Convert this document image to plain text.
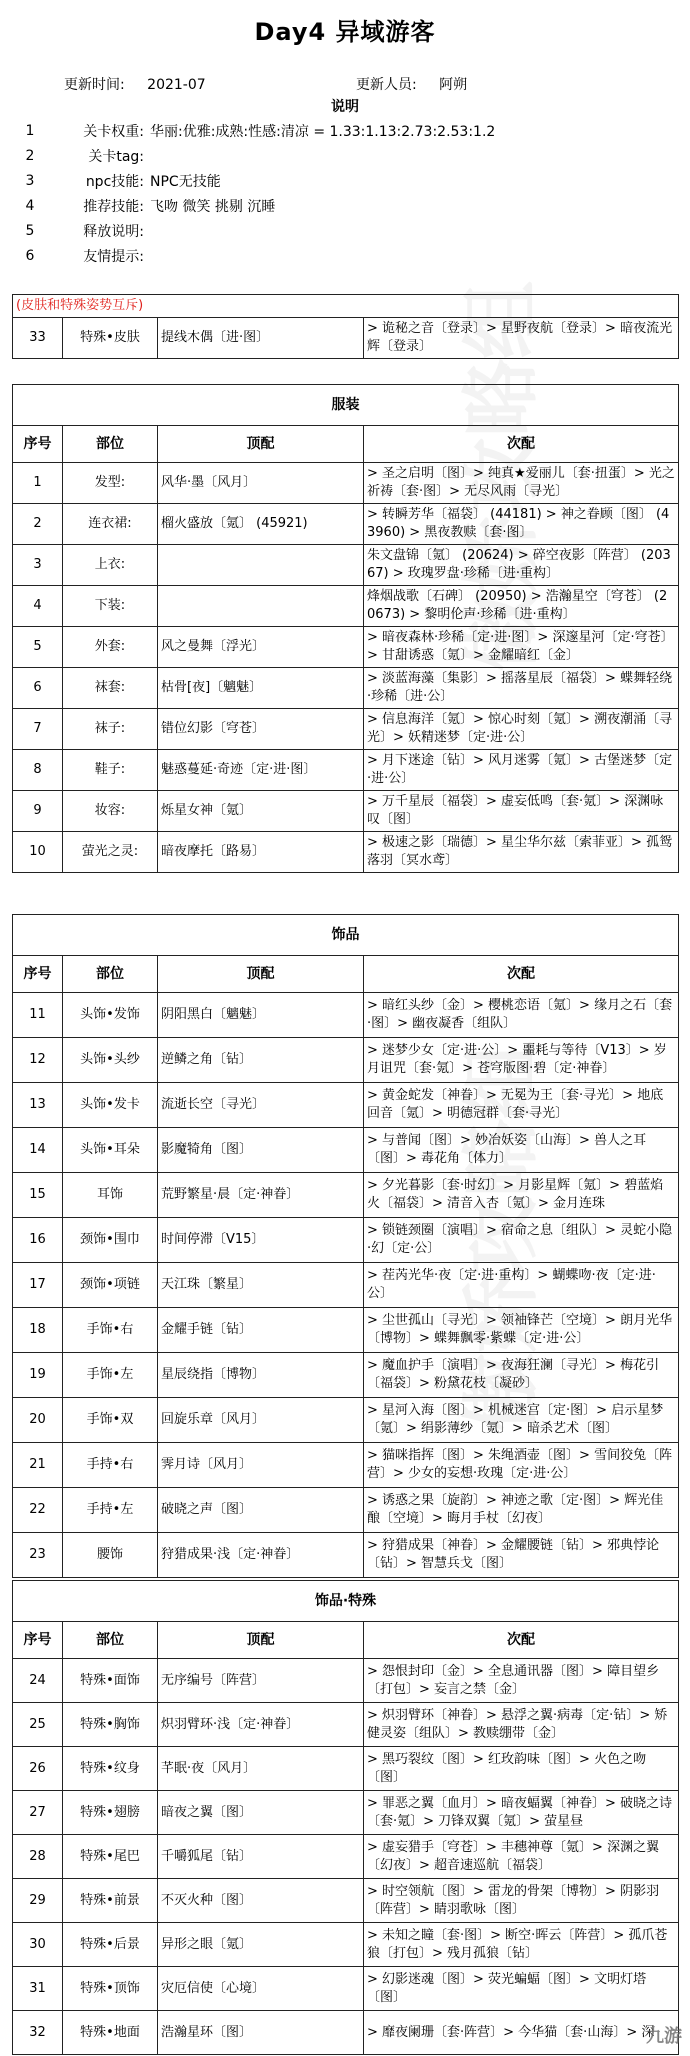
Day4 异域游客
更新时间: 2021-07	更新人员: 阿朔
说明
1	关卡权重: 华丽:优雅:成熟:性感:清凉 = 1.33:1.13:2.73:2.53:1.2
2	关卡tag:
3	npc技能: NPC无技能
4	推荐技能: 飞吻 微笑 挑剔 沉睡
5	释放说明:
6	友情提示:
(皮肤和特殊姿势互斥)
33	特殊•皮肤	提线木偶〔进·图〕	> 诡秘之音〔登录〕> 星野夜航〔登录〕> 暗夜流光辉〔登录〕
服装			
序号	部位	顶配	次配
1	发型:	风华·墨〔风月〕	> 圣之启明〔图〕> 纯真★爱丽儿〔套·扭蛋〕> 光之祈祷〔套·图〕> 无尽风雨〔寻光〕
2	连衣裙:	榴火盛放〔氪〕 (45921)	> 转瞬芳华〔福袋〕 (44181) > 神之眷顾〔图〕 (43960) > 黑夜教赎〔套·图〕
3	上衣:		朱文盘锦〔氪〕 (20624) > 碎空夜影〔阵营〕 (20367) > 玫瑰罗盘·珍稀〔进·重构〕
4	下装:		烽烟战歌〔石碑〕 (20950) > 浩瀚星空〔穹苍〕 (20673) > 黎明伦声·珍稀〔进·重构〕
5	外套:	风之曼舞〔浮光〕	> 暗夜森林·珍稀〔定·进·图〕> 深邃星河〔定·穹苍〕> 甘甜诱惑〔氪〕> 金耀暗红〔金〕
6	袜套:	枯骨[夜]〔魑魅〕	> 淡蓝海藻〔集影〕> 摇落星辰〔福袋〕> 蝶舞轻绕·珍稀〔进·公〕
7	袜子:	错位幻影〔穹苍〕	> 信息海洋〔氪〕> 惊心时刻〔氪〕> 溯夜潮涌〔寻光〕> 妖精迷梦〔定·进·公〕
8	鞋子:	魅惑蔓延·奇迹〔定·进·图〕	> 月下迷途〔钻〕> 风月迷雾〔氪〕> 古堡迷梦〔定·进·公〕
9	妆容:	烁星女神〔氪〕	> 万千星辰〔福袋〕> 虚妄低鸣〔套·氪〕> 深渊咏叹〔图〕
10	萤光之灵:	暗夜摩托〔路易〕	> 极速之影〔瑞德〕> 星尘华尔兹〔索菲亚〕> 孤鸳落羽〔冥水鸢〕
饰品			
序号	部位	顶配	次配
11	头饰•发饰	阴阳黑白〔魑魅〕	> 暗红头纱〔金〕> 樱桃恋语〔氪〕> 缘月之石〔套·图〕> 幽夜凝香〔组队〕
12	头饰•头纱	逆鳞之角〔钻〕	> 迷梦少女〔定·进·公〕> 噩耗与等待〔V13〕> 岁月诅咒〔套·氪〕> 苍穹版图·碧〔定·神眷〕
13	头饰•发卡	流逝长空〔寻光〕	> 黄金蛇发〔神眷〕> 无冕为王〔套·寻光〕> 地底回音〔氪〕> 明德冠群〔套·寻光〕
14	头饰•耳朵	影魔犄角〔图〕	> 与普闻〔图〕> 妙冶妖姿〔山海〕> 兽人之耳〔图〕> 毒花角〔体力〕
15	耳饰	荒野繁星·晨〔定·神眷〕	> 夕光暮影〔套·时幻〕> 月影星辉〔氪〕> 碧蓝焰火〔福袋〕> 清音入杏〔氪〕> 金月连珠
16	颈饰•围巾	时间停滞〔V15〕	> 锁链颈圈〔演唱〕> 宿命之息〔组队〕> 灵蛇小隐·幻〔定·公〕
17	颈饰•项链	天江珠〔繁星〕	> 茬芮光华·夜〔定·进·重构〕> 蝴蝶吻·夜〔定·进·公〕
18	手饰•右	金耀手链〔钻〕	> 尘世孤山〔寻光〕> 领袖锋芒〔空境〕> 朗月光华〔博物〕> 蝶舞飘零·紫蝶〔定·进·公〕
19	手饰•左	星辰绕指〔博物〕	> 魔血护手〔演唱〕> 夜海狂澜〔寻光〕> 梅花引〔福袋〕> 粉黛花枝〔凝砂〕
20	手饰•双	回旋乐章〔风月〕	> 星河入海〔图〕> 机械迷宫〔定·图〕> 启示星梦〔氪〕> 绢影薄纱〔氪〕> 暗杀艺术〔图〕
21	手持•右	霁月诗〔风月〕	> 猫咪指挥〔图〕> 朱绳酒壶〔图〕> 雪间狡兔〔阵营〕> 少女的妄想·玫瑰〔定·进·公〕
22	手持•左	破晓之声〔图〕	> 诱惑之果〔旋韵〕> 神迹之歌〔定·图〕> 辉光佳酿〔空境〕> 晦月手杖〔幻夜〕
23	腰饰	狩猎成果·浅〔定·神眷〕	> 狩猎成果〔神眷〕> 金耀腰链〔钻〕> 邪典悖论〔钻〕> 智慧兵戈〔图〕
饰品·特殊			
序号	部位	顶配	次配
24	特殊•面饰	无序编号〔阵营〕	> 怨恨封印〔金〕> 全息通讯器〔图〕> 障目望乡〔打包〕> 妄言之禁〔金〕
25	特殊•胸饰	炽羽臂环·浅〔定·神眷〕	> 炽羽臂环〔神眷〕> 悬浮之翼·病毒〔定·钻〕> 矫健灵姿〔组队〕> 教赎绷带〔金〕
26	特殊•纹身	芊眠·夜〔风月〕	> 黑巧裂纹〔图〕> 红玫韵味〔图〕> 火色之吻〔图〕
27	特殊•翅膀	暗夜之翼〔图〕	> 罪恶之翼〔血月〕> 暗夜蝠翼〔神眷〕> 破晓之诗〔套·氪〕> 刀锋双翼〔氪〕> 萤星昼
28	特殊•尾巴	千嚼狐尾〔钻〕	> 虚妄猎手〔穹苍〕> 丰穗神尊〔氪〕> 深渊之翼〔幻夜〕> 超音速巡航〔福袋〕
29	特殊•前景	不灭火种〔图〕	> 时空领航〔图〕> 雷龙的骨架〔博物〕> 阴影羽〔阵营〕> 睛羽歌咏〔图〕
30	特殊•后景	异形之眼〔氪〕	> 未知之瞳〔套·图〕> 断空·晖云〔阵营〕> 孤爪苍狼〔打包〕> 残月孤狼〔钻〕
31	特殊•顶饰	灾厄信使〔心境〕	> 幻影迷魂〔图〕> 荧光蝙蝠〔图〕> 文明灯塔〔图〕
32	特殊•地面	浩瀚星环〔图〕	> 靡夜阑珊〔套·阵营〕> 今华猫〔套·山海〕> 深
九游
